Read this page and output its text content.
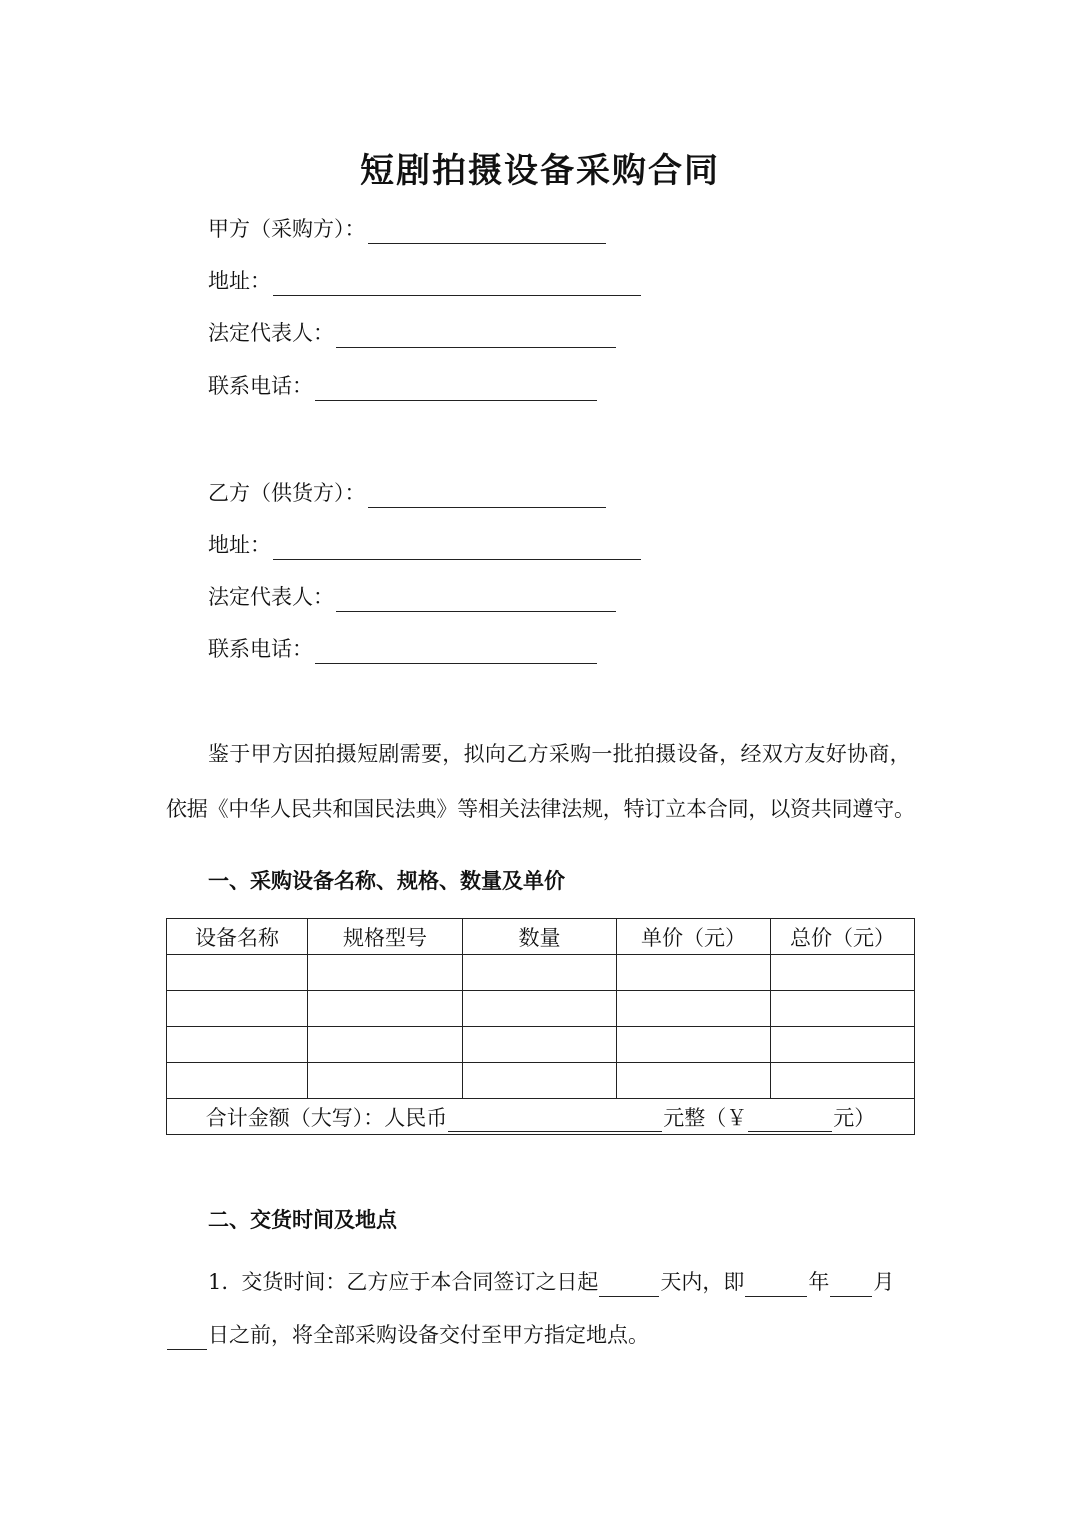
短剧拍摄设备采购合同
甲方（采购方）：
地址：
法定代表人：
联系电话：
乙方（供货方）：
地址：
法定代表人：
联系电话：
鉴于甲方因拍摄短剧需要，拟向乙方采购一批拍摄设备，经双方友好协商，
依据《中华人民共和国民法典》等相关法律法规，特订立本合同，以资共同遵守。
一、采购设备名称、规格、数量及单价
设备名称	规格型号	数量	单价（元）	总价（元）

合计金额（大写）：人民币 元整（￥ 元）				
二、交货时间及地点
1. 交货时间：乙方应于本合同签订之日起	天内，即	年 月
日之前，将全部采购设备交付至甲方指定地点。
